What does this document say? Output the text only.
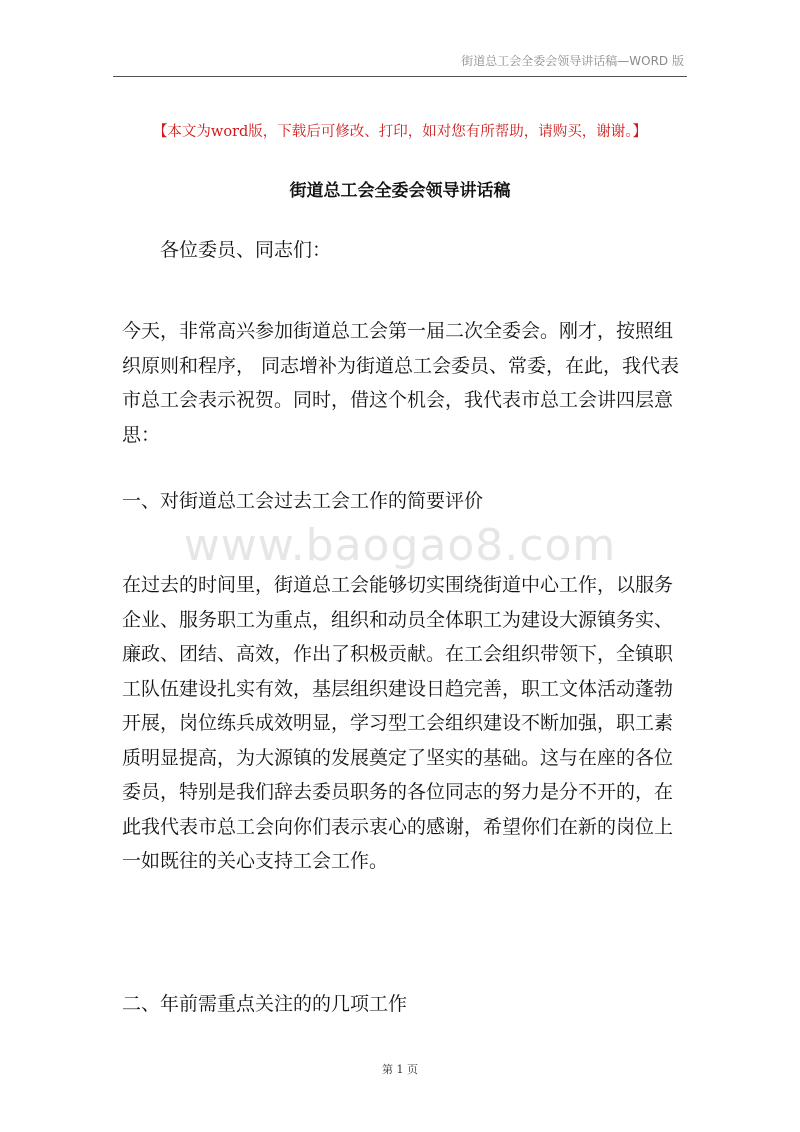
街道总工会全委会领导讲话稿—WORD 版
【本文为word版，下载后可修改、打印，如对您有所帮助，请购买，谢谢。】
街道总工会全委会领导讲话稿
各位委员、同志们：
今天，非常高兴参加街道总工会第一届二次全委会。刚才，按照组织原则和程序， 同志增补为街道总工会委员、常委，在此，我代表市总工会表示祝贺。同时，借这个机会，我代表市总工会讲四层意思：
一、对街道总工会过去工会工作的简要评价
www.baogao8.com
在过去的时间里，街道总工会能够切实围绕街道中心工作，以服务企业、服务职工为重点，组织和动员全体职工为建设大源镇务实、廉政、团结、高效，作出了积极贡献。在工会组织带领下，全镇职工队伍建设扎实有效，基层组织建设日趋完善，职工文体活动蓬勃开展，岗位练兵成效明显，学习型工会组织建设不断加强，职工素质明显提高，为大源镇的发展奠定了坚实的基础。这与在座的各位委员，特别是我们辞去委员职务的各位同志的努力是分不开的，在此我代表市总工会向你们表示衷心的感谢，希望你们在新的岗位上一如既往的关心支持工会工作。
二、年前需重点关注的的几项工作
第 1 页
